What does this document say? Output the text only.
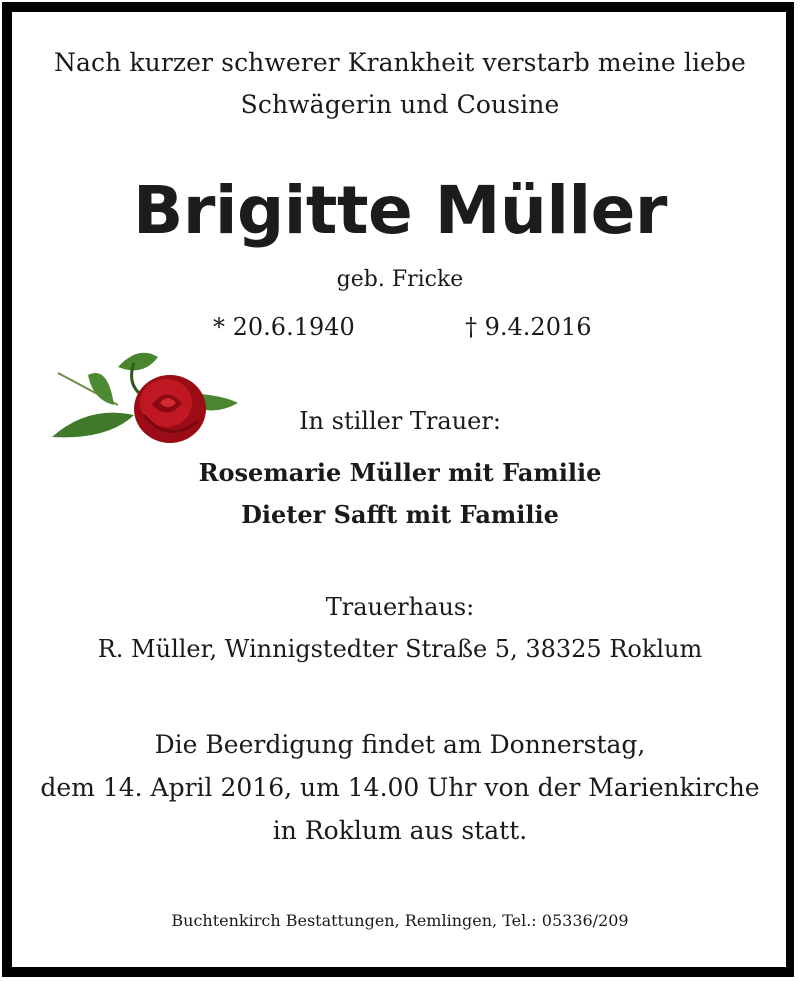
Nach kurzer schwerer Krankheit verstarb meine liebe
Schwägerin und Cousine
Brigitte Müller
geb. Fricke
* 20.6.1940	† 9.4.2016
In stiller Trauer:
Rosemarie Müller mit Familie
Dieter Safft mit Familie
Trauerhaus:
R. Müller, Winnigstedter Straße 5, 38325 Roklum
Die Beerdigung findet am Donnerstag,
dem 14. April 2016, um 14.00 Uhr von der Marienkirche
in Roklum aus statt.
Buchtenkirch Bestattungen, Remlingen, Tel.: 05336/209
